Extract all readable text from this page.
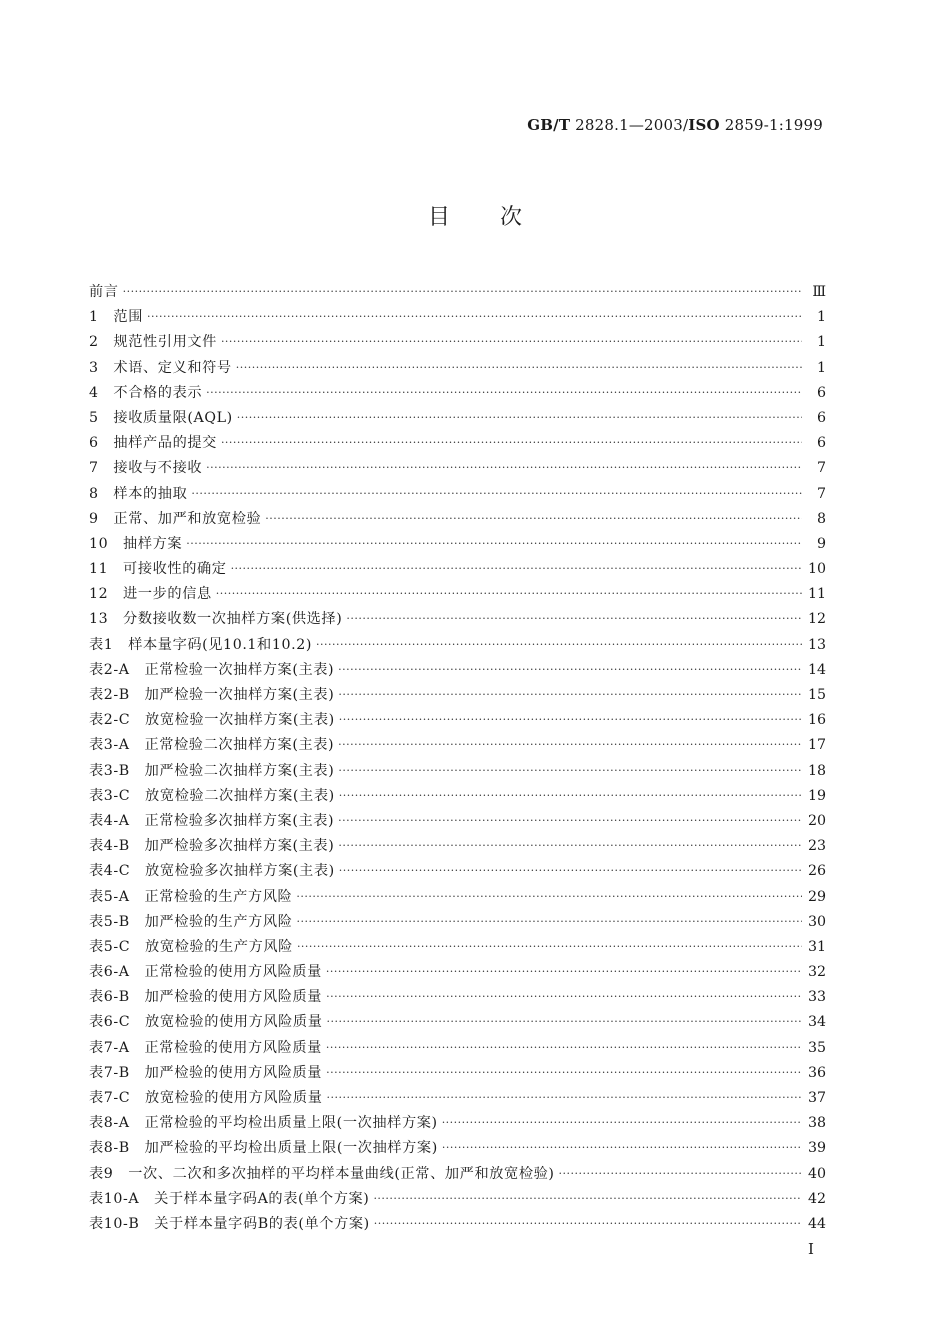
GB/T 2828.1—2003/ISO 2859-1:1999
目次
前言 ·····	Ⅲ
1　范围 ·····	1
2　规范性引用文件 ·····	1
3　术语、定义和符号 ·····	1
4　不合格的表示 ·····	6
5　接收质量限(AQL) ·····	6
6　抽样产品的提交 ·····	6
7　接收与不接收 ·····	7
8　样本的抽取 ·····	7
9　正常、加严和放宽检验 ·····	8
10　抽样方案 ·····	9
11　可接收性的确定 ·····	10
12　进一步的信息 ·····	11
13　分数接收数一次抽样方案(供选择) ·····	12
表1　样本量字码(见10.1和10.2) ·····	13
表2-A　正常检验一次抽样方案(主表) ·····	14
表2-B　加严检验一次抽样方案(主表) ·····	15
表2-C　放宽检验一次抽样方案(主表) ·····	16
表3-A　正常检验二次抽样方案(主表) ·····	17
表3-B　加严检验二次抽样方案(主表) ·····	18
表3-C　放宽检验二次抽样方案(主表) ·····	19
表4-A　正常检验多次抽样方案(主表) ·····	20
表4-B　加严检验多次抽样方案(主表) ·····	23
表4-C　放宽检验多次抽样方案(主表) ·····	26
表5-A　正常检验的生产方风险 ·····	29
表5-B　加严检验的生产方风险 ·····	30
表5-C　放宽检验的生产方风险 ·····	31
表6-A　正常检验的使用方风险质量 ·····	32
表6-B　加严检验的使用方风险质量 ·····	33
表6-C　放宽检验的使用方风险质量 ·····	34
表7-A　正常检验的使用方风险质量 ·····	35
表7-B　加严检验的使用方风险质量 ·····	36
表7-C　放宽检验的使用方风险质量 ·····	37
表8-A　正常检验的平均检出质量上限(一次抽样方案) ·····	38
表8-B　加严检验的平均检出质量上限(一次抽样方案) ·····	39
表9　一次、二次和多次抽样的平均样本量曲线(正常、加严和放宽检验) ·····	40
表10-A　关于样本量字码A的表(单个方案) ·····	42
表10-B　关于样本量字码B的表(单个方案) ·····	44
I
